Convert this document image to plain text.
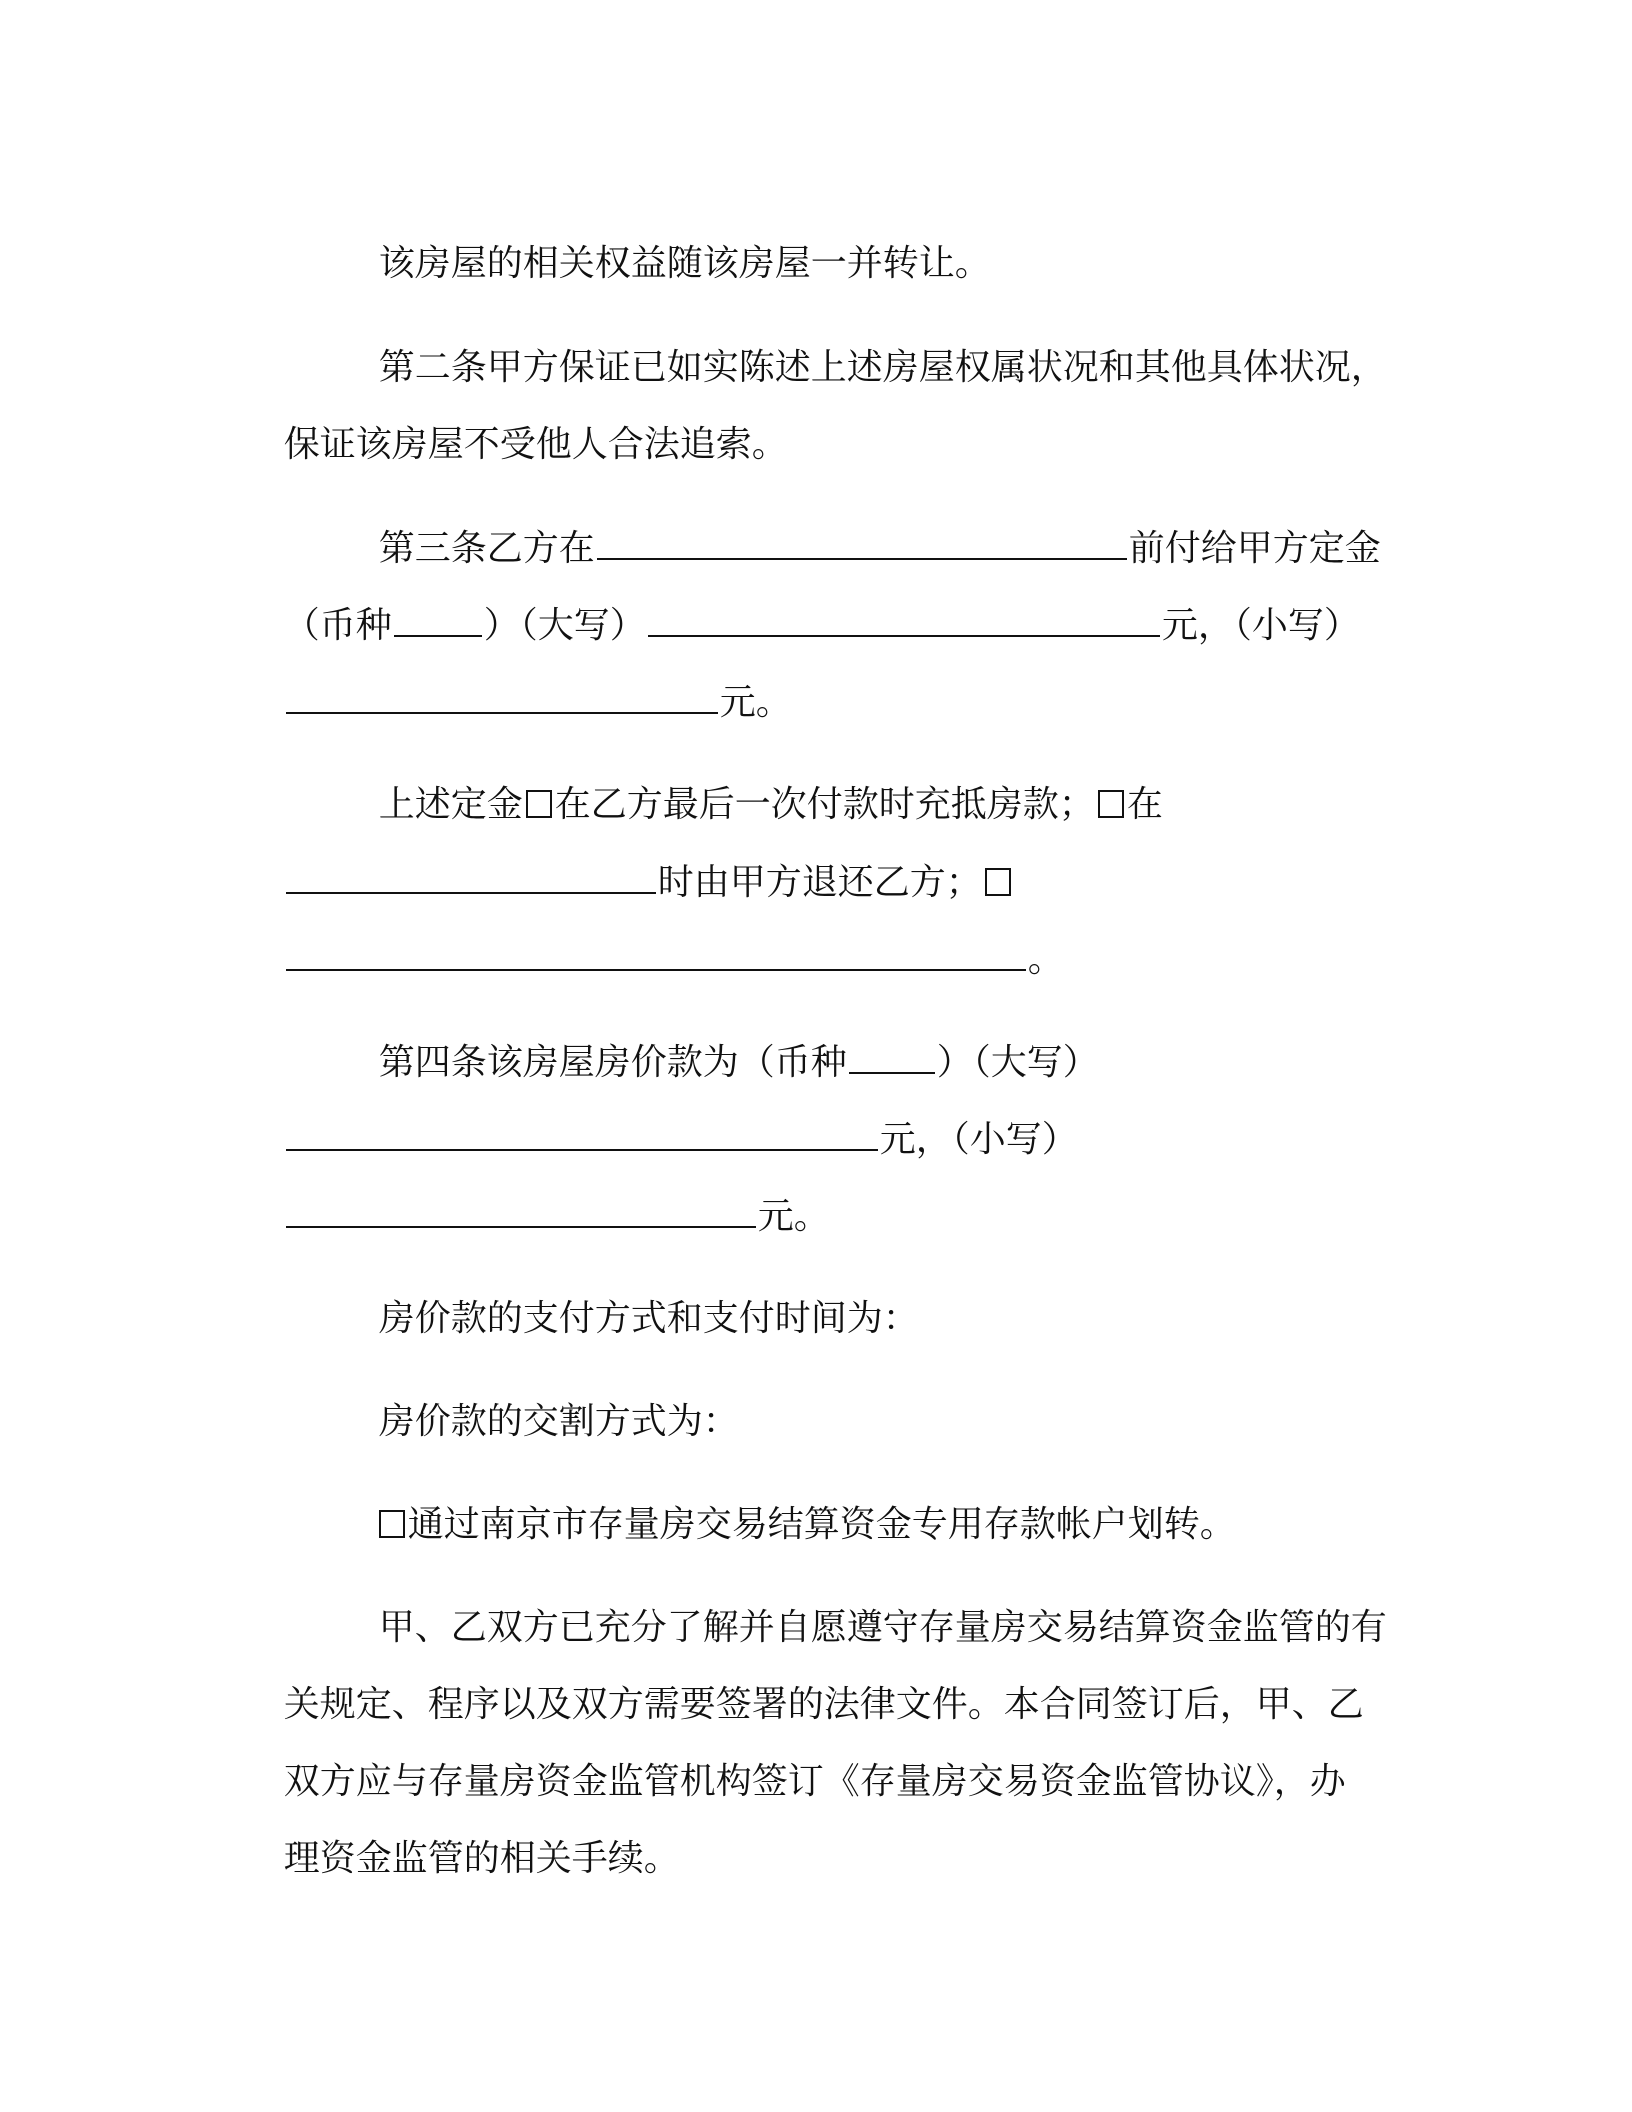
该房屋的相关权益随该房屋一并转让。

第二条甲方保证已如实陈述上述房屋权属状况和其他具体状况，

保证该房屋不受他人合法追索。

第三条乙方在	前付给甲方定金

（币种	）（大写）	元，（小写）

元。

上述定金 在乙方最后一次付款时充抵房款； 在

时由甲方退还乙方；

。

第四条该房屋房价款为（币种	）（大写）

元，（小写）

元。

房价款的支付方式和支付时间为：

房价款的交割方式为：

通过南京市存量房交易结算资金专用存款帐户划转。

甲、乙双方已充分了解并自愿遵守存量房交易结算资金监管的有

关规定、程序以及双方需要签署的法律文件。本合同签订后，甲、乙

双方应与存量房资金监管机构签订《存量房交易资金监管协议》，办

理资金监管的相关手续。
